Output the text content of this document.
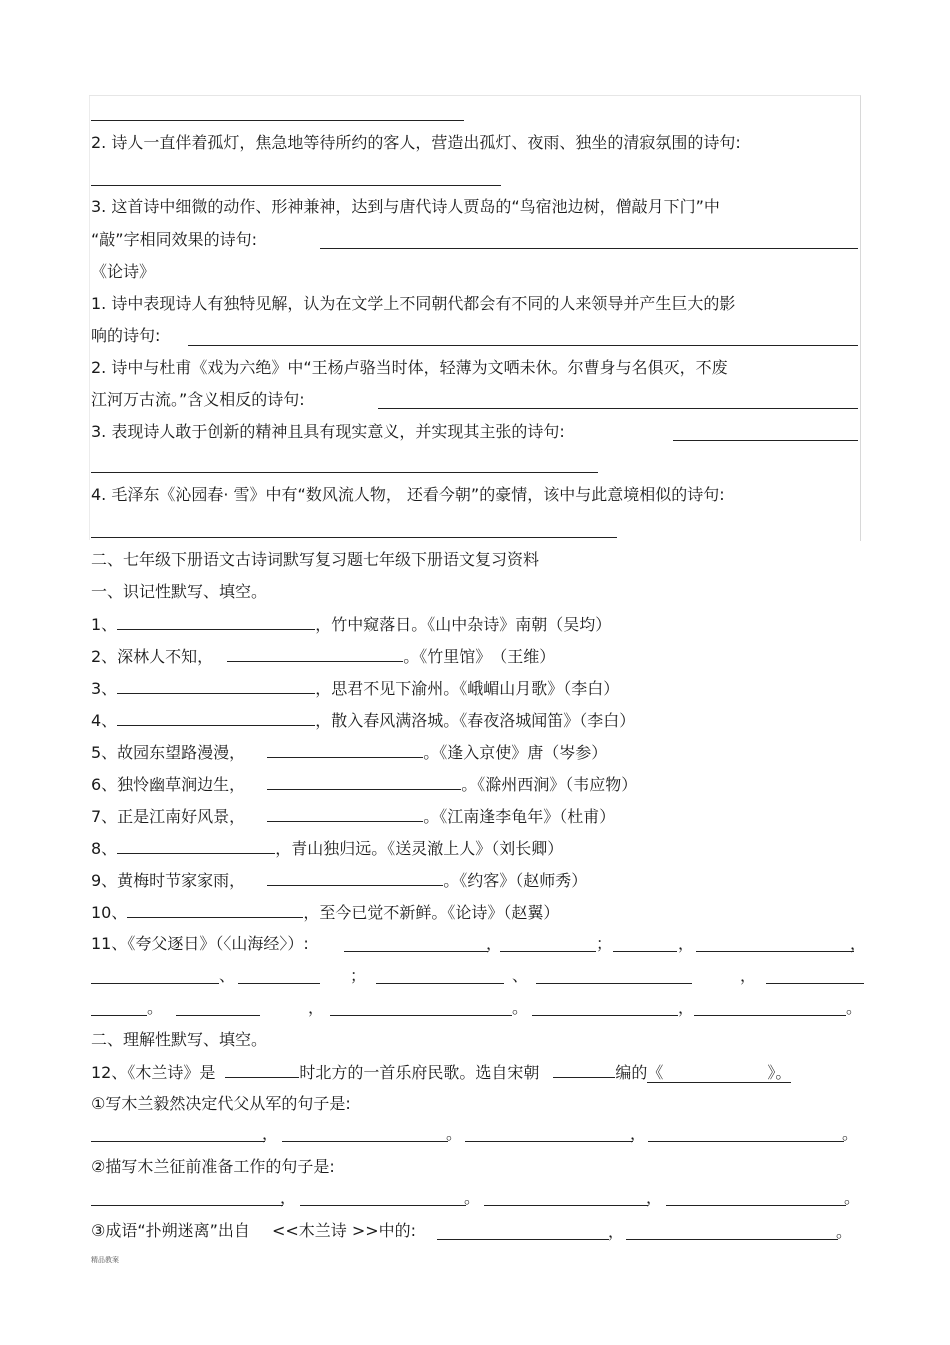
2. 诗人一直伴着孤灯，焦急地等待所约的客人，营造出孤灯、夜雨、独坐的清寂氛围的诗句:
3. 这首诗中细微的动作、形神兼神，达到与唐代诗人贾岛的“鸟宿池边树，僧敲月下门”中
“敲”字相同效果的诗句:
《论诗》
1. 诗中表现诗人有独特见解，认为在文学上不同朝代都会有不同的人来领导并产生巨大的影
响的诗句:
2. 诗中与杜甫《戏为六绝》中“王杨卢骆当时体，轻薄为文哂未休。尔曹身与名俱灭，不废
江河万古流。”含义相反的诗句:
3. 表现诗人敢于创新的精神且具有现实意义，并实现其主张的诗句:
4. 毛泽东《沁园春· 雪》中有“数风流人物， 还看今朝”的豪情，该中与此意境相似的诗句:
二、七年级下册语文古诗词默写复习题七年级下册语文复习资料
一、识记性默写、填空。
1、	，竹中窥落日。《山中杂诗》南朝（吴均）
2、深林人不知，	。《竹里馆》　（王维）
3、	，思君不见下渝州。《峨嵋山月歌》（李白）
4、	，散入春风满洛城。《春夜洛城闻笛》（李白）
5、故园东望路漫漫，	。《逢入京使》唐（岑参）
6、独怜幽草涧边生，	。《滁州西涧》（韦应物）
7、正是江南好风景，	。《江南逢李龟年》（杜甫）
8、	，青山独归远。《送灵澈上人》（刘长卿）
9、黄梅时节家家雨，	。《约客》（赵师秀）
10、	，至今已觉不新鲜。《论诗》（赵翼）
11、《夸父逐日》（〈山海经〉）:	，	；	，	，
、	；	、	，
。	，	。	，	。
二、理解性默写、填空。
12、《木兰诗》是	时北方的一首乐府民歌。选自宋朝	编的《	》。
①写木兰毅然决定代父从军的句子是:
，	。	，	。
②描写木兰征前准备工作的句子是:
，	。	，	。
③成语“扑朔迷离”出自 <<木兰诗 >>中的:	，	。
精品教案
